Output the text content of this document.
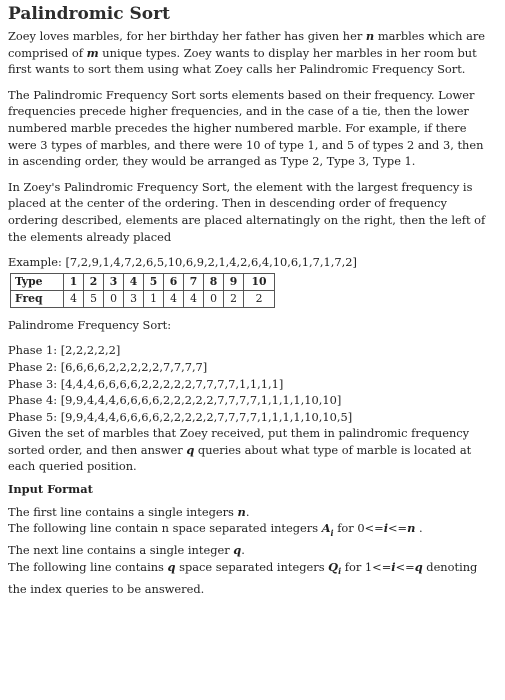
Palindromic Sort

Zoey loves marbles, for her birthday her father has given her n marbles which are comprised of m unique types. Zoey wants to display her marbles in her room but first wants to sort them using what Zoey calls her Palindromic Frequency Sort.

The Palindromic Frequency Sort sorts elements based on their frequency. Lower frequencies precede higher frequencies, and in the case of a tie, then the lower numbered marble precedes the higher numbered marble. For example, if there were 3 types of marbles, and there were 10 of type 1, and 5 of types 2 and 3, then in ascending order, they would be arranged as Type 2, Type 3, Type 1.

In Zoey's Palindromic Frequency Sort, the element with the largest frequency is placed at the center of the ordering. Then in descending order of frequency ordering described, elements are placed alternatingly on the right, then the left of the elements already placed

Example: [7,2,9,1,4,7,2,6,5,10,6,9,2,1,4,2,6,4,10,6,1,7,1,7,2]

Type	1	2	3	4	5	6	7	8	9	10
Freq	4	5	0	3	1	4	4	0	2	2

Palindrome Frequency Sort:

Phase 1: [2,2,2,2,2]

Phase 2: [6,6,6,6,2,2,2,2,2,7,7,7,7]

Phase 3: [4,4,4,6,6,6,6,2,2,2,2,2,7,7,7,7,1,1,1,1]

Phase 4: [9,9,4,4,4,6,6,6,6,2,2,2,2,2,7,7,7,7,1,1,1,1,10,10]

Phase 5: [9,9,4,4,4,6,6,6,6,2,2,2,2,2,7,7,7,7,1,1,1,1,10,10,5]

Given the set of marbles that Zoey received, put them in palindromic frequency sorted order, and then answer q queries about what type of marble is located at each queried position.

Input Format

The first line contains a single integers n.

The following line contain n space separated integers $A_i$ for 0<=i<=n .

The next line contains a single integer q.

The following line contains q space separated integers $Q_i$ for 1<=i<=q denoting the index queries to be answered.
